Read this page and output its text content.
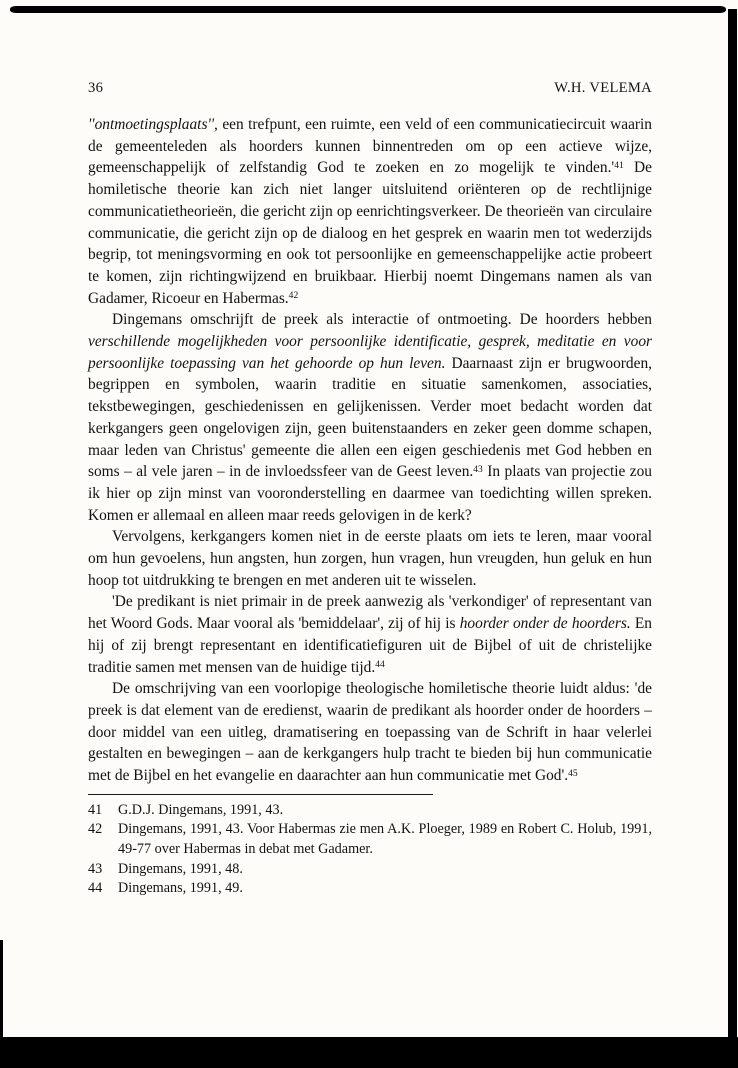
36	W.H. VELEMA

''ontmoetingsplaats'', een trefpunt, een ruimte, een veld of een communicatiecircuit waarin de gemeenteleden als hoorders kunnen binnentreden om op een actieve wijze, gemeenschappelijk of zelfstandig God te zoeken en zo mogelijk te vinden.'$^{41}$ De homiletische theorie kan zich niet langer uitsluitend oriënteren op de rechtlijnige communicatietheorieën, die gericht zijn op eenrichtingsverkeer. De theorieën van circulaire communicatie, die gericht zijn op de dialoog en het gesprek en waarin men tot wederzijds begrip, tot meningsvorming en ook tot persoonlijke en gemeenschappelijke actie probeert te komen, zijn richtingwijzend en bruikbaar. Hierbij noemt Dingemans namen als van Gadamer, Ricoeur en Habermas.$^{42}$

Dingemans omschrijft de preek als interactie of ontmoeting. De hoorders hebben verschillende mogelijkheden voor persoonlijke identificatie, gesprek, meditatie en voor persoonlijke toepassing van het gehoorde op hun leven. Daarnaast zijn er brugwoorden, begrippen en symbolen, waarin traditie en situatie samenkomen, associaties, tekstbewegingen, geschiedenissen en gelijkenissen. Verder moet bedacht worden dat kerkgangers geen ongelovigen zijn, geen buitenstaanders en zeker geen domme schapen, maar leden van Christus' gemeente die allen een eigen geschiedenis met God hebben en soms – al vele jaren – in de invloedssfeer van de Geest leven.$^{43}$ In plaats van projectie zou ik hier op zijn minst van vooronderstelling en daarmee van toedichting willen spreken. Komen er allemaal en alleen maar reeds gelovigen in de kerk?

Vervolgens, kerkgangers komen niet in de eerste plaats om iets te leren, maar vooral om hun gevoelens, hun angsten, hun zorgen, hun vragen, hun vreugden, hun geluk en hun hoop tot uitdrukking te brengen en met anderen uit te wisselen.

'De predikant is niet primair in de preek aanwezig als 'verkondiger' of representant van het Woord Gods. Maar vooral als 'bemiddelaar', zij of hij is hoorder onder de hoorders. En hij of zij brengt representant en identificatiefiguren uit de Bijbel of uit de christelijke traditie samen met mensen van de huidige tijd.$^{44}$

De omschrijving van een voorlopige theologische homiletische theorie luidt aldus: 'de preek is dat element van de eredienst, waarin de predikant als hoorder onder de hoorders – door middel van een uitleg, dramatisering en toepassing van de Schrift in haar velerlei gestalten en bewegingen – aan de kerkgangers hulp tracht te bieden bij hun communicatie met de Bijbel en het evangelie en daarachter aan hun communicatie met God'.$^{45}$

41 G.D.J. Dingemans, 1991, 43.
42 Dingemans, 1991, 43. Voor Habermas zie men A.K. Ploeger, 1989 en Robert C. Holub, 1991, 49-77 over Habermas in debat met Gadamer.
43 Dingemans, 1991, 48.
44 Dingemans, 1991, 49.
